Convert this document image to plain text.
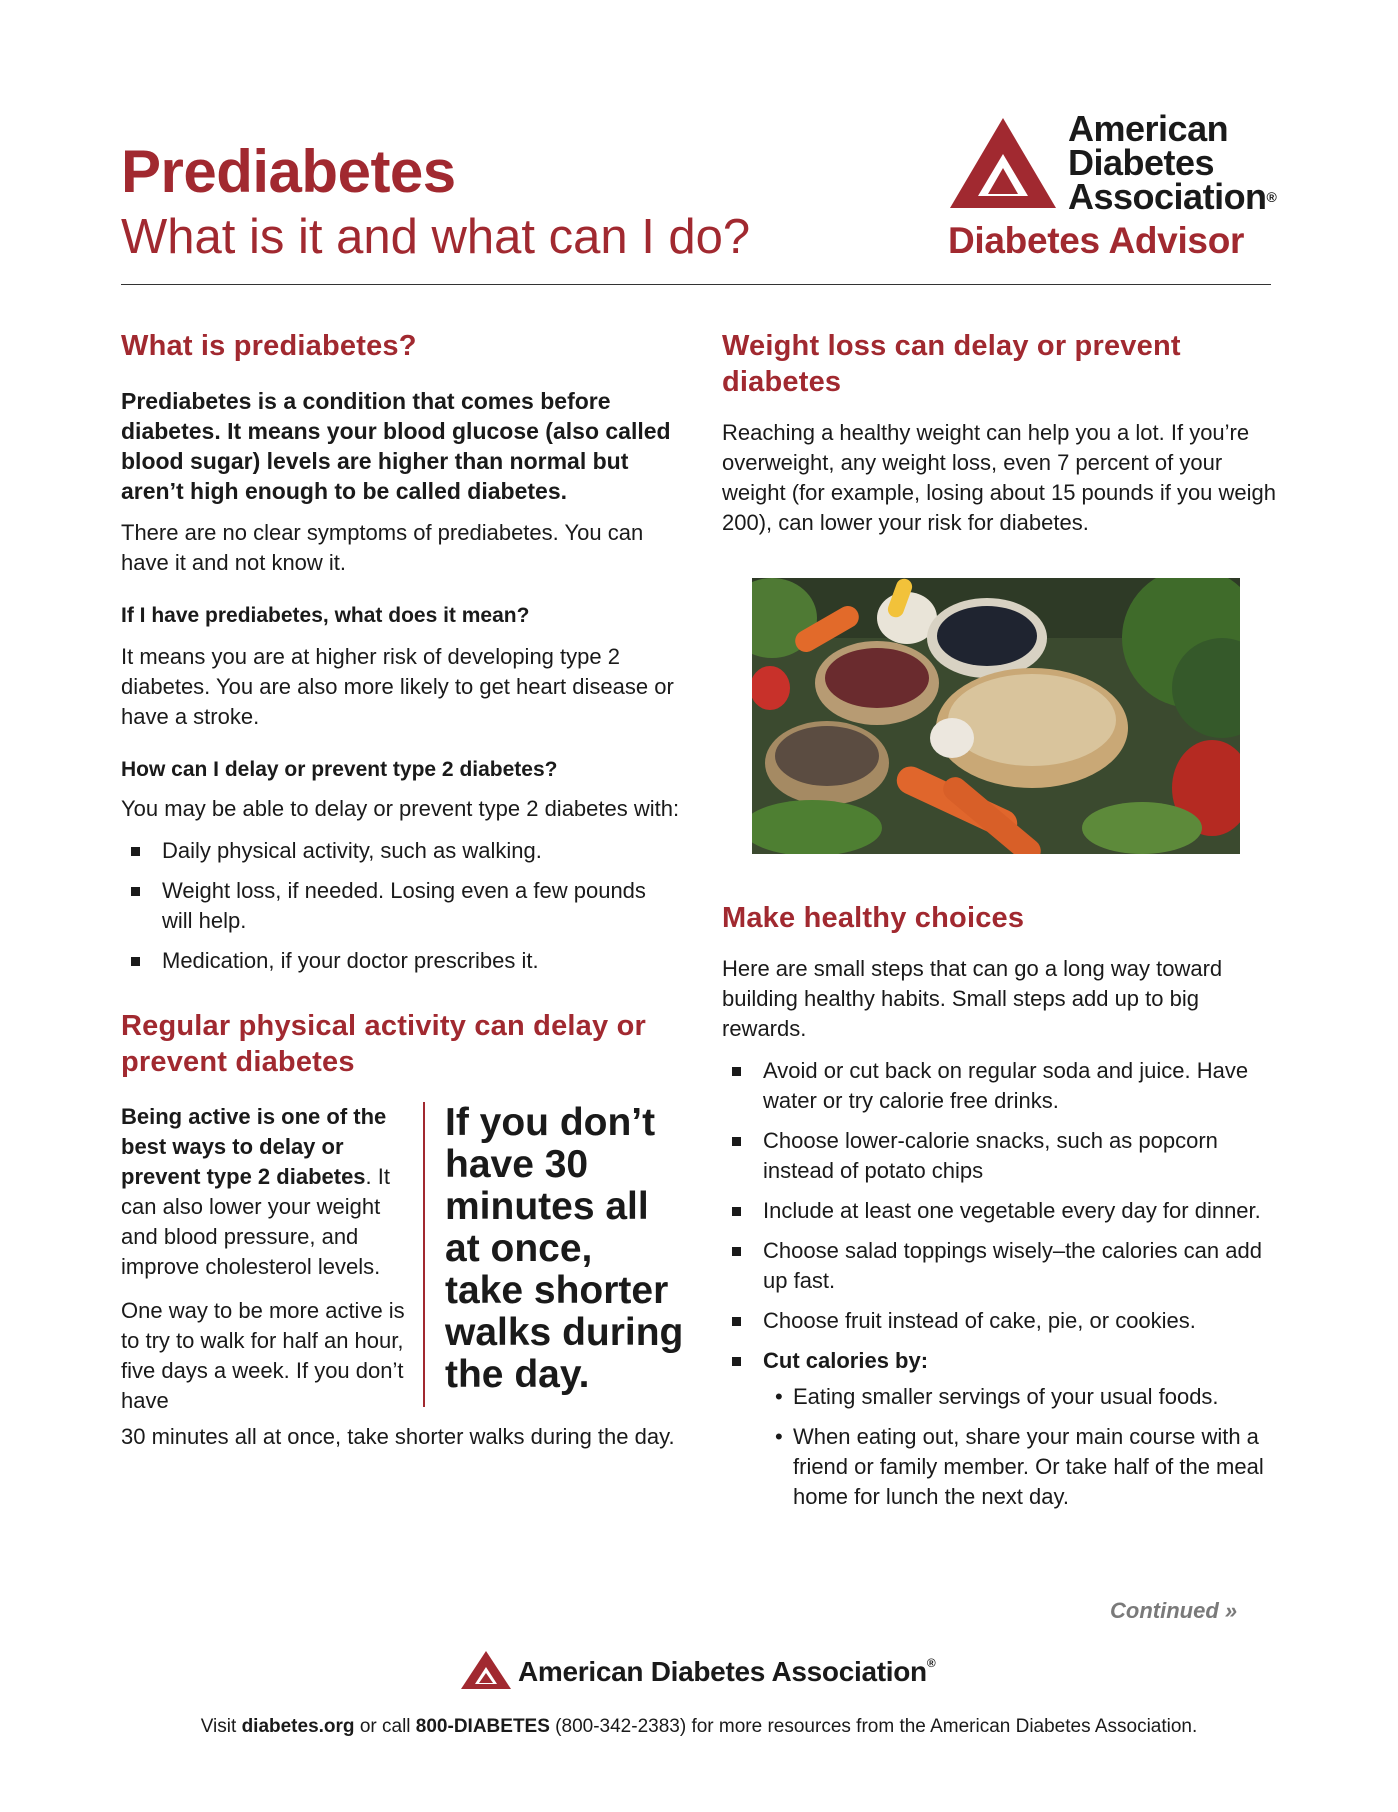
Prediabetes
What is it and what can I do?
American
Diabetes
Association®
Diabetes Advisor
What is prediabetes?

Prediabetes is a condition that comes before diabetes. It means your blood glucose (also called blood sugar) levels are higher than normal but aren’t high enough to be called diabetes.

There are no clear symptoms of prediabetes. You can have it and not know it.

If I have prediabetes, what does it mean?

It means you are at higher risk of developing type 2 diabetes. You are also more likely to get heart disease or have a stroke.

How can I delay or prevent type 2 diabetes?

You may be able to delay or prevent type 2 diabetes with:

Daily physical activity, such as walking.
Weight loss, if needed. Losing even a few pounds will help.
Medication, if your doctor prescribes it.
Regular physical activity can delay or prevent diabetes

Being active is one of the best ways to delay or prevent type 2 diabetes. It can also lower your weight and blood pressure, and improve cholesterol levels.

One way to be more active is to try to walk for half an hour, five days a week. If you don’t have

If you don’t
have 30
minutes all
at once,
take shorter
walks during
the day.

30 minutes all at once, take shorter walks during the day.

Weight loss can delay or prevent diabetes

Reaching a healthy weight can help you a lot. If you’re overweight, any weight loss, even 7 percent of your weight (for example, losing about 15 pounds if you weigh 200), can lower your risk for diabetes.

Make healthy choices

Here are small steps that can go a long way toward building healthy habits. Small steps add up to big rewards.

Avoid or cut back on regular soda and juice. Have water or try calorie free drinks.
Choose lower-calorie snacks, such as popcorn instead of potato chips
Include at least one vegetable every day for dinner.
Choose salad toppings wisely–the calories can add up fast.
Choose fruit instead of cake, pie, or cookies.
Cut calories by:
• Eating smaller servings of your usual foods.
• When eating out, share your main course with a friend or family member. Or take half of the meal home for lunch the next day.
Continued »
American Diabetes Association®
Visit diabetes.org or call 800-DIABETES (800-342-2383) for more resources from the American Diabetes Association.
